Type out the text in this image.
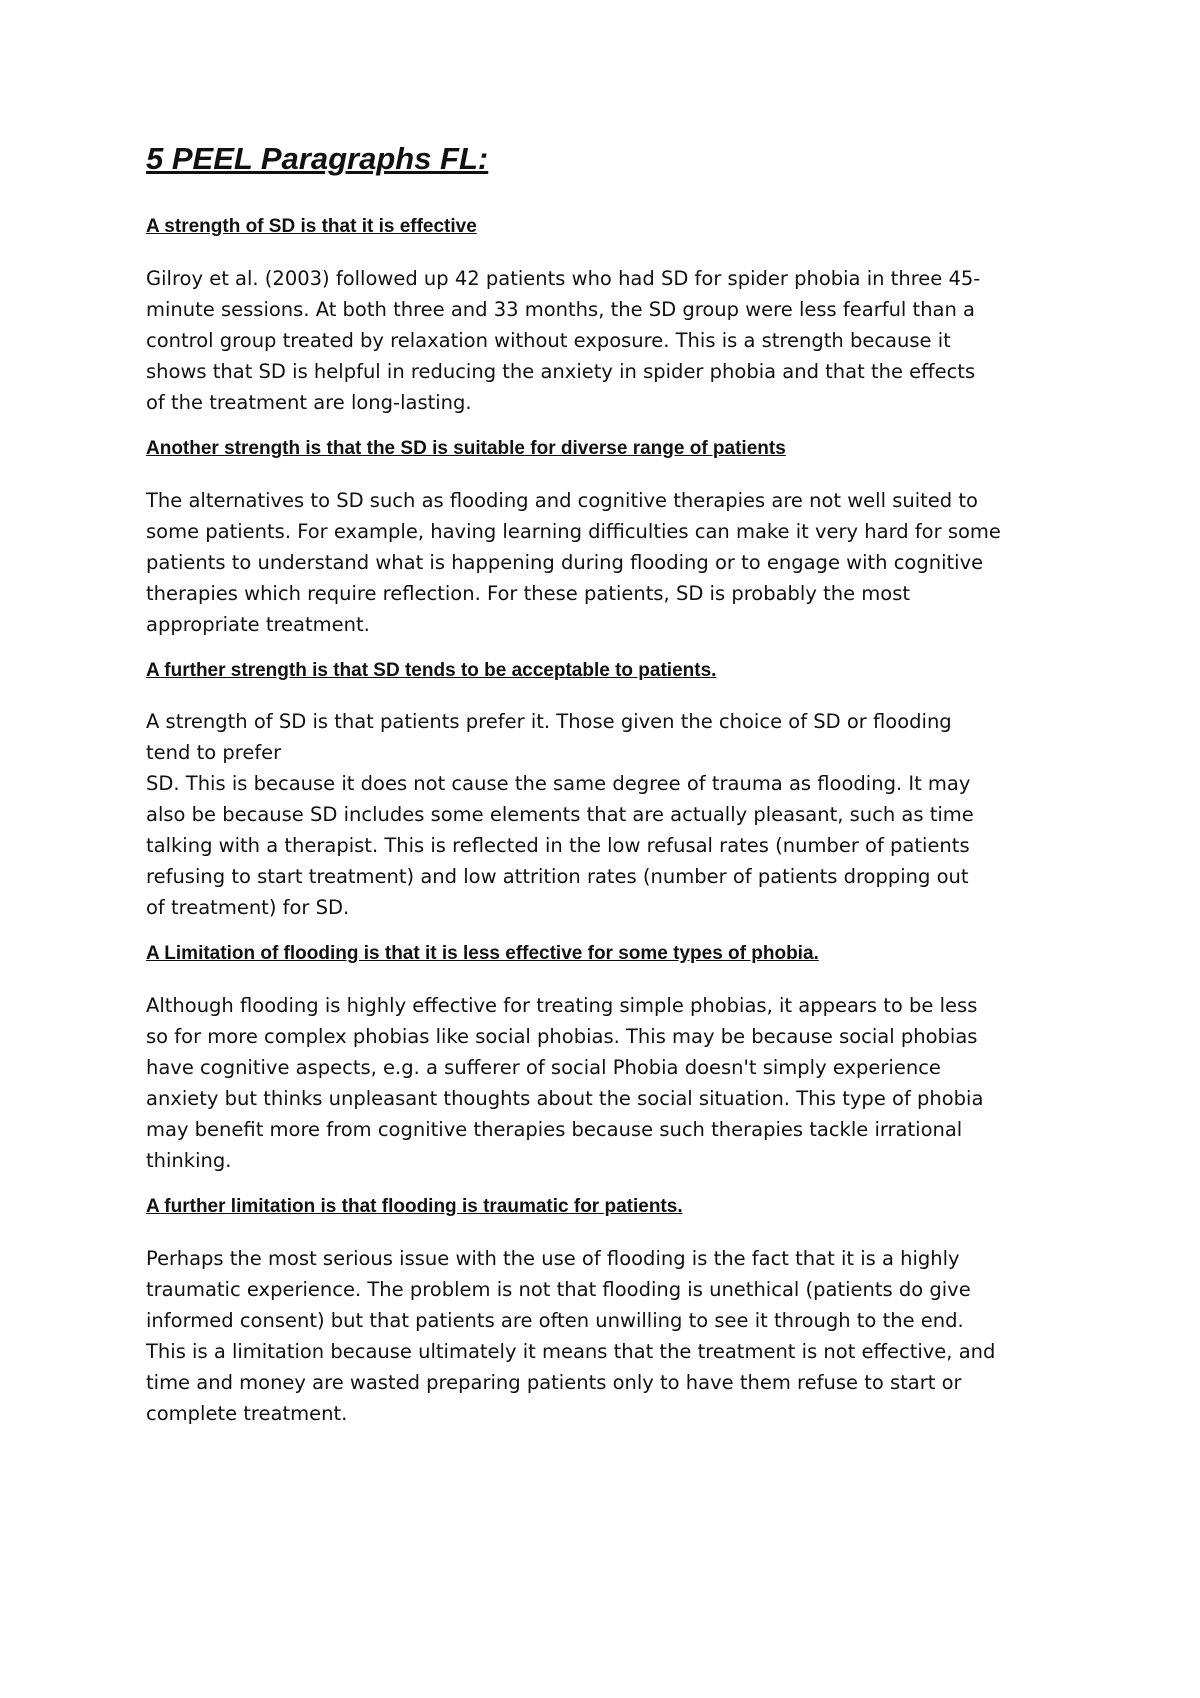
5 PEEL Paragraphs FL:
A strength of SD is that it is effective

Gilroy et al. (2003) followed up 42 patients who had SD for spider phobia in three 45-
minute sessions. At both three and 33 months, the SD group were less fearful than a
control group treated by relaxation without exposure. This is a strength because it
shows that SD is helpful in reducing the anxiety in spider phobia and that the effects
of the treatment are long-lasting.

Another strength is that the SD is suitable for diverse range of patients

The alternatives to SD such as flooding and cognitive therapies are not well suited to
some patients. For example, having learning difficulties can make it very hard for some
patients to understand what is happening during flooding or to engage with cognitive
therapies which require reflection. For these patients, SD is probably the most
appropriate treatment.

A further strength is that SD tends to be acceptable to patients.

A strength of SD is that patients prefer it. Those given the choice of SD or flooding
tend to prefer
SD. This is because it does not cause the same degree of trauma as flooding. It may
also be because SD includes some elements that are actually pleasant, such as time
talking with a therapist. This is reflected in the low refusal rates (number of patients
refusing to start treatment) and low attrition rates (number of patients dropping out
of treatment) for SD.

A Limitation of flooding is that it is less effective for some types of phobia.

Although flooding is highly effective for treating simple phobias, it appears to be less
so for more complex phobias like social phobias. This may be because social phobias
have cognitive aspects, e.g. a sufferer of social Phobia doesn't simply experience
anxiety but thinks unpleasant thoughts about the social situation. This type of phobia
may benefit more from cognitive therapies because such therapies tackle irrational
thinking.

A further limitation is that flooding is traumatic for patients.

Perhaps the most serious issue with the use of flooding is the fact that it is a highly
traumatic experience. The problem is not that flooding is unethical (patients do give
informed consent) but that patients are often unwilling to see it through to the end.
This is a limitation because ultimately it means that the treatment is not effective, and
time and money are wasted preparing patients only to have them refuse to start or
complete treatment.
